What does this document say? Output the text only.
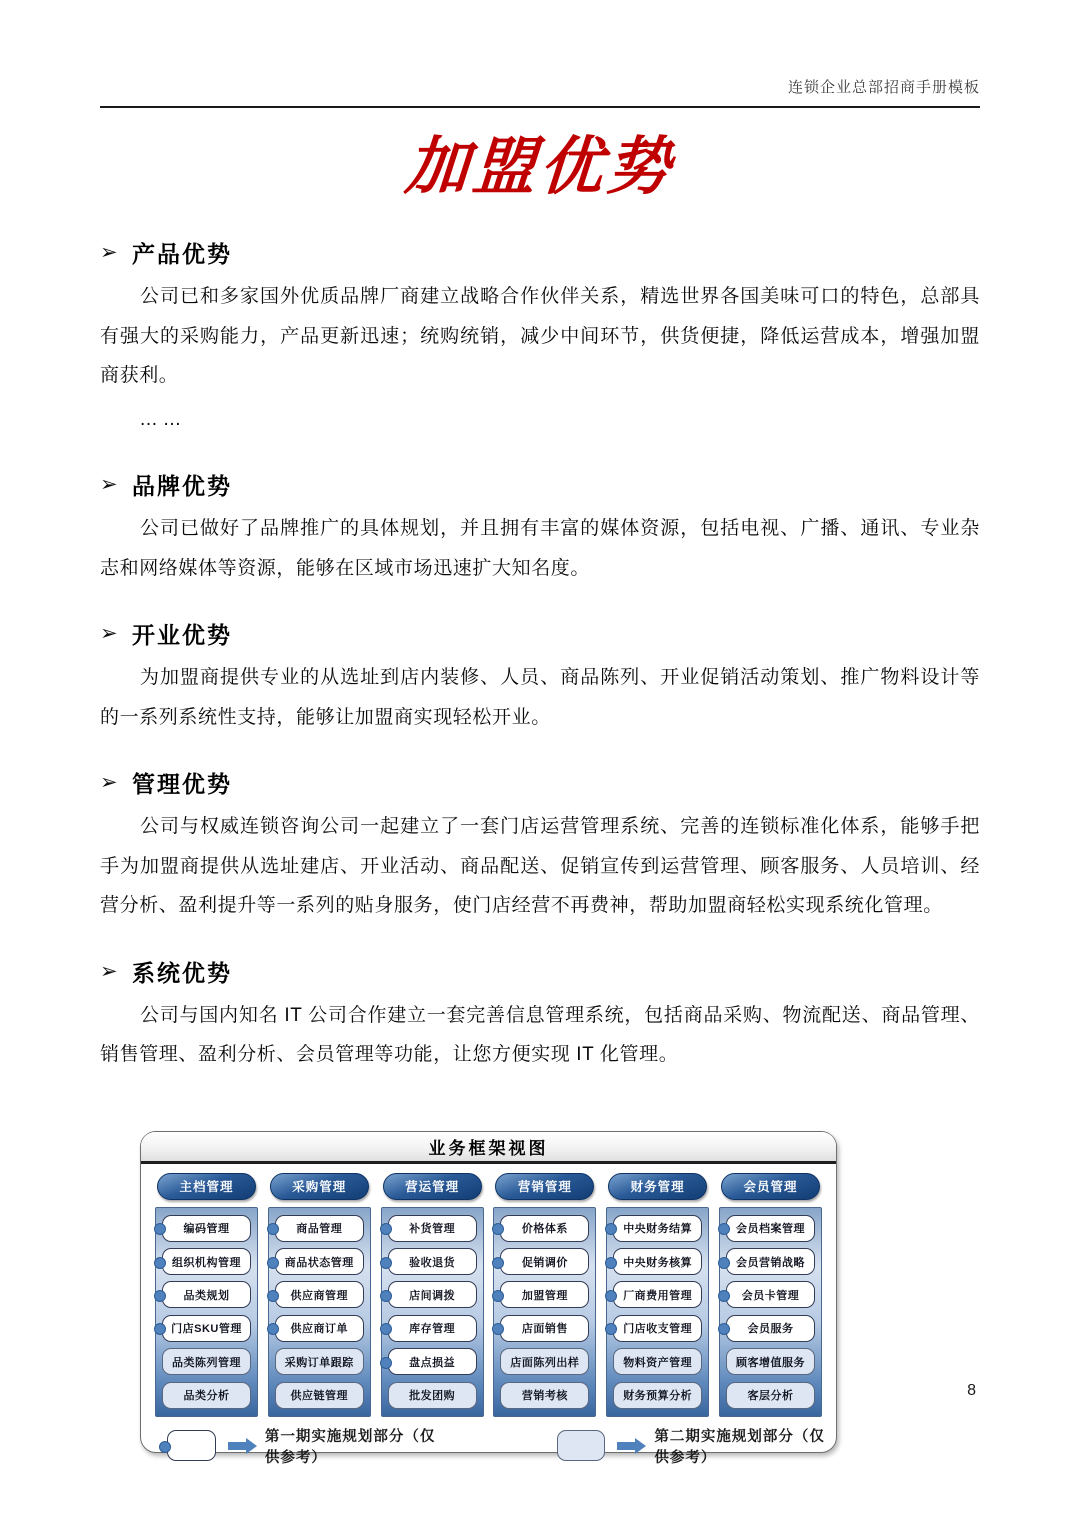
连锁企业总部招商手册模板
加盟优势
➢ 产品优势

公司已和多家国外优质品牌厂商建立战略合作伙伴关系，精选世界各国美味可口的特色，总部具有强大的采购能力，产品更新迅速；统购统销，减少中间环节，供货便捷，降低运营成本，增强加盟商获利。

... ...

➢ 品牌优势

公司已做好了品牌推广的具体规划，并且拥有丰富的媒体资源，包括电视、广播、通讯、专业杂志和网络媒体等资源，能够在区域市场迅速扩大知名度。

➢ 开业优势

为加盟商提供专业的从选址到店内装修、人员、商品陈列、开业促销活动策划、推广物料设计等的一系列系统性支持，能够让加盟商实现轻松开业。

➢ 管理优势

公司与权威连锁咨询公司一起建立了一套门店运营管理系统、完善的连锁标准化体系，能够手把手为加盟商提供从选址建店、开业活动、商品配送、促销宣传到运营管理、顾客服务、人员培训、经营分析、盈利提升等一系列的贴身服务，使门店经营不再费神，帮助加盟商轻松实现系统化管理。

➢ 系统优势

公司与国内知名 IT 公司合作建立一套完善信息管理系统，包括商品采购、物流配送、商品管理、销售管理、盈利分析、会员管理等功能，让您方便实现 IT 化管理。

业务框架视图
主档管理
编码管理
组织机构管理
品类规划
门店SKU管理
品类陈列管理
品类分析
采购管理
商品管理
商品状态管理
供应商管理
供应商订单
采购订单跟踪
供应链管理
营运管理
补货管理
验收退货
店间调拨
库存管理
盘点损益
批发团购
营销管理
价格体系
促销调价
加盟管理
店面销售
店面陈列出样
营销考核
财务管理
中央财务结算
中央财务核算
厂商费用管理
门店收支管理
物料资产管理
财务预算分析
会员管理
会员档案管理
会员营销战略
会员卡管理
会员服务
顾客增值服务
客层分析
第一期实施规划部分（仅供参考）
第二期实施规划部分（仅供参考）
8
